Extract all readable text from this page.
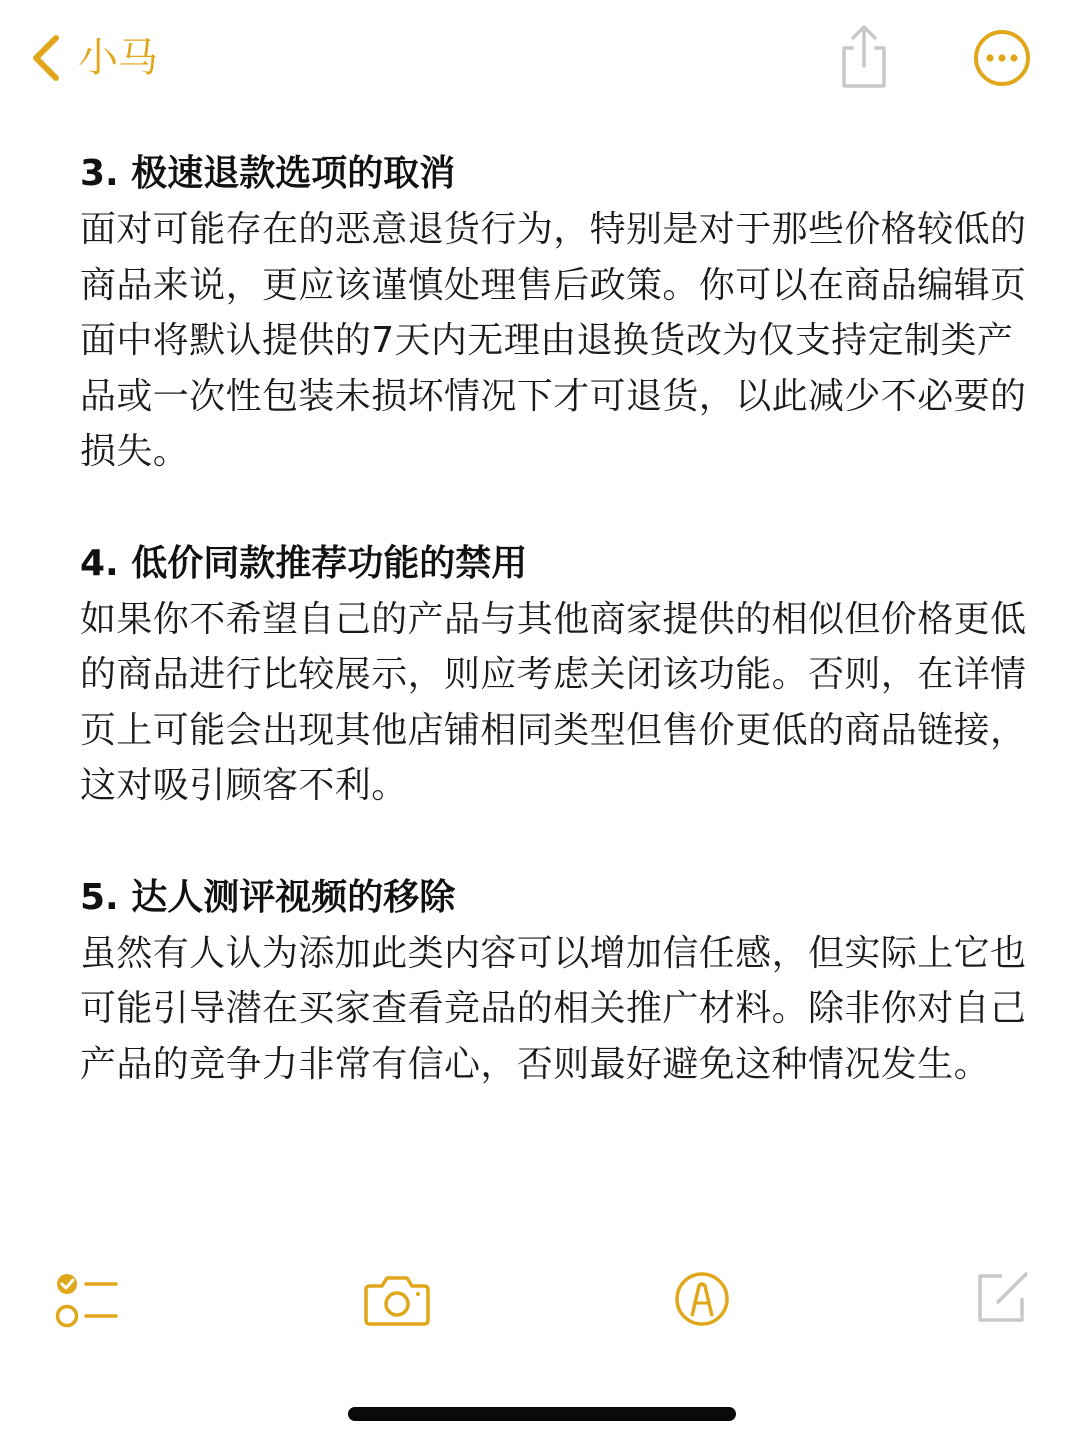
小马

3. 极速退款选项的取消

面对可能存在的恶意退货行为，特别是对于那些价格较低的商品来说，更应该谨慎处理售后政策。你可以在商品编辑页面中将默认提供的7天内无理由退换货改为仅支持定制类产品或一次性包装未损坏情况下才可退货，以此减少不必要的损失。

4. 低价同款推荐功能的禁用

如果你不希望自己的产品与其他商家提供的相似但价格更低的商品进行比较展示，则应考虑关闭该功能。否则，在详情页上可能会出现其他店铺相同类型但售价更低的商品链接，这对吸引顾客不利。

5. 达人测评视频的移除

虽然有人认为添加此类内容可以增加信任感，但实际上它也可能引导潜在买家查看竞品的相关推广材料。除非你对自己产品的竞争力非常有信心，否则最好避免这种情况发生。
